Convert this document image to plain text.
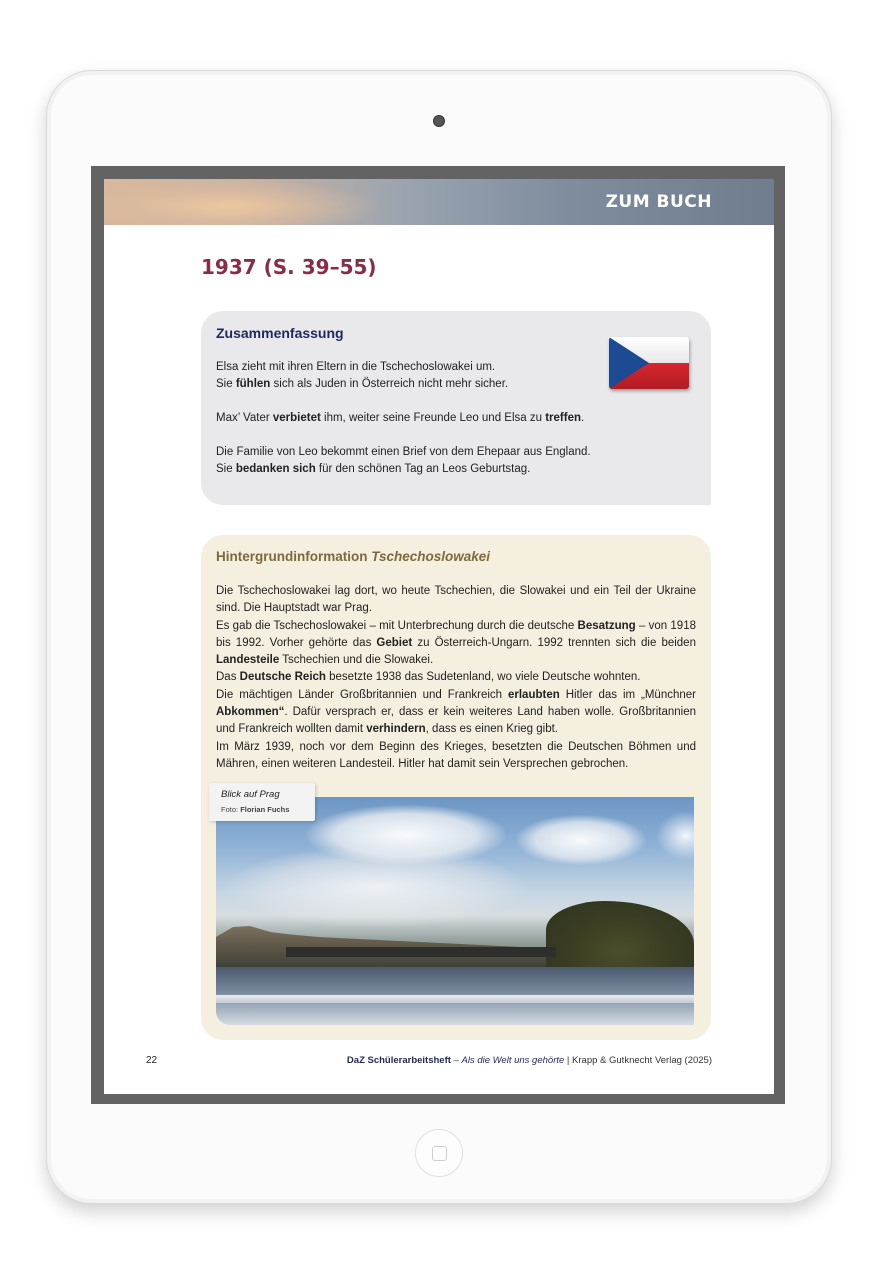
ZUM BUCH
1937 (S. 39–55)
Zusammenfassung

Elsa zieht mit ihren Eltern in die Tschechoslowakei um.
Sie fühlen sich als Juden in Österreich nicht mehr sicher.

Max’ Vater verbietet ihm, weiter seine Freunde Leo und Elsa zu treffen.

Die Familie von Leo bekommt einen Brief von dem Ehepaar aus England.
Sie bedanken sich für den schönen Tag an Leos Geburtstag.

Hintergrundinformation Tschechoslowakei
Die Tschechoslowakei lag dort, wo heute Tschechien, die Slowakei und ein Teil der Ukraine sind. Die Hauptstadt war Prag.
Es gab die Tschechoslowakei – mit Unterbrechung durch die deutsche Besatzung – von 1918 bis 1992. Vorher gehörte das Gebiet zu Österreich-Ungarn. 1992 trennten sich die beiden Landesteile Tschechien und die Slowakei.
Das Deutsche Reich besetzte 1938 das Sudetenland, wo viele Deutsche wohnten.
Die mächtigen Länder Großbritannien und Frankreich erlaubten Hitler das im „Münchner Abkommen“. Dafür versprach er, dass er kein weiteres Land haben wolle. Großbritannien und Frankreich wollten damit verhindern, dass es einen Krieg gibt.
Im März 1939, noch vor dem Beginn des Krieges, besetzten die Deutschen Böhmen und Mähren, einen weiteren Landesteil. Hitler hat damit sein Versprechen gebrochen.
Blick auf Prag
Foto: Florian Fuchs
22	DaZ Schülerarbeitsheft – Als die Welt uns gehörte | Krapp & Gutknecht Verlag (2025)
